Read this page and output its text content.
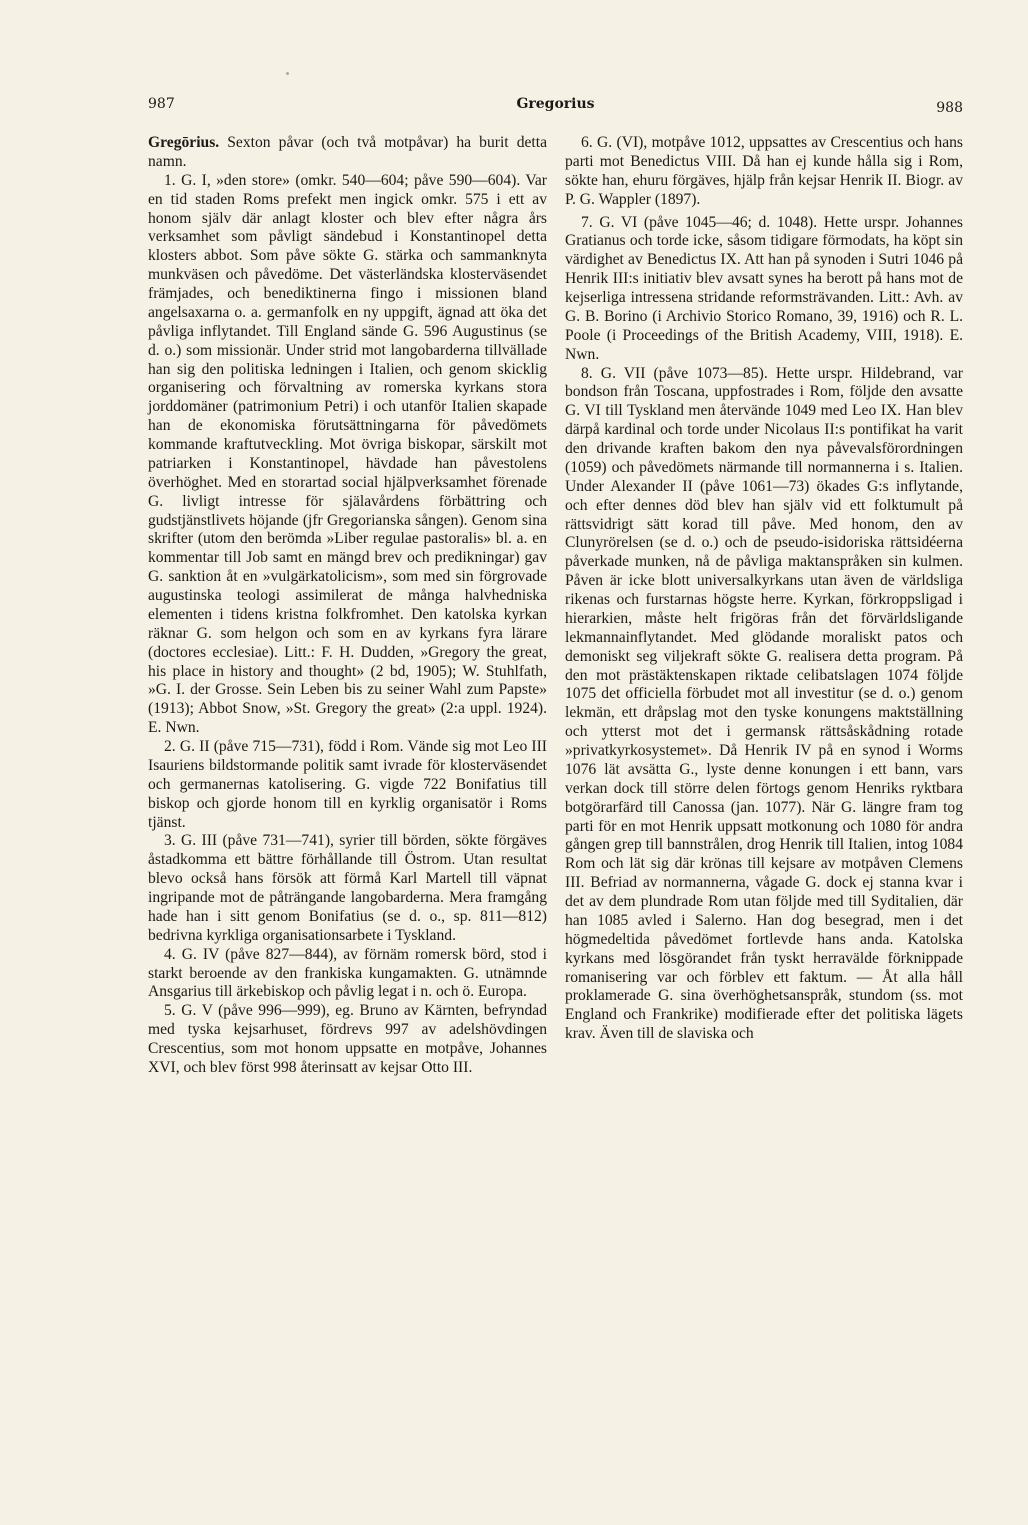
987	Gregorius	988

Gregōrius. Sexton påvar (och två motpåvar) ha burit detta namn.

1. G. I, »den store» (omkr. 540—604; påve 590—604). Var en tid staden Roms prefekt men ingick omkr. 575 i ett av honom själv där anlagt kloster och blev efter några års verksamhet som påvligt sändebud i Konstantinopel detta klosters abbot. Som påve sökte G. stärka och sammanknyta munkväsen och påvedöme. Det västerländska klosterväsendet främjades, och benediktinerna fingo i missionen bland angelsaxarna o. a. germanfolk en ny uppgift, ägnad att öka det påvliga inflytandet. Till England sände G. 596 Augustinus (se d. o.) som missionär. Under strid mot langobarderna tillvällade han sig den politiska ledningen i Italien, och genom skicklig organisering och förvaltning av romerska kyrkans stora jorddomäner (patrimonium Petri) i och utanför Italien skapade han de ekonomiska förutsättningarna för påvedömets kommande kraftutveckling. Mot övriga biskopar, särskilt mot patriarken i Konstantinopel, hävdade han påvestolens överhöghet. Med en storartad social hjälpverksamhet förenade G. livligt intresse för själavårdens förbättring och gudstjänstlivets höjande (jfr Gregorianska sången). Genom sina skrifter (utom den berömda »Liber regulae pastoralis» bl. a. en kommentar till Job samt en mängd brev och predikningar) gav G. sanktion åt en »vulgärkatolicism», som med sin förgrovade augustinska teologi assimilerat de många halvhedniska elementen i tidens kristna folkfromhet. Den katolska kyrkan räknar G. som helgon och som en av kyrkans fyra lärare (doctores ecclesiae). Litt.: F. H. Dudden, »Gregory the great, his place in history and thought» (2 bd, 1905); W. Stuhlfath, »G. I. der Grosse. Sein Leben bis zu seiner Wahl zum Papste» (1913); Abbot Snow, »St. Gregory the great» (2:a uppl. 1924). E. Nwn.

2. G. II (påve 715—731), född i Rom. Vände sig mot Leo III Isauriens bildstormande politik samt ivrade för klosterväsendet och germanernas katolisering. G. vigde 722 Bonifatius till biskop och gjorde honom till en kyrklig organisatör i Roms tjänst.

3. G. III (påve 731—741), syrier till börden, sökte förgäves åstadkomma ett bättre förhållande till Östrom. Utan resultat blevo också hans försök att förmå Karl Martell till väpnat ingripande mot de påträngande langobarderna. Mera framgång hade han i sitt genom Bonifatius (se d. o., sp. 811—812) bedrivna kyrkliga organisationsarbete i Tyskland.

4. G. IV (påve 827—844), av förnäm romersk börd, stod i starkt beroende av den frankiska kungamakten. G. utnämnde Ansgarius till ärkebiskop och påvlig legat i n. och ö. Europa.

5. G. V (påve 996—999), eg. Bruno av Kärnten, befryndad med tyska kejsarhuset, fördrevs 997 av adelshövdingen Crescentius, som mot honom uppsatte en motpåve, Johannes XVI, och blev först 998 återinsatt av kejsar Otto III.

6. G. (VI), motpåve 1012, uppsattes av Crescentius och hans parti mot Benedictus VIII. Då han ej kunde hålla sig i Rom, sökte han, ehuru förgäves, hjälp från kejsar Henrik II. Biogr. av P. G. Wappler (1897).

7. G. VI (påve 1045—46; d. 1048). Hette urspr. Johannes Gratianus och torde icke, såsom tidigare förmodats, ha köpt sin värdighet av Benedictus IX. Att han på synoden i Sutri 1046 på Henrik III:s initiativ blev avsatt synes ha berott på hans mot de kejserliga intressena stridande reformsträvanden. Litt.: Avh. av G. B. Borino (i Archivio Storico Romano, 39, 1916) och R. L. Poole (i Proceedings of the British Academy, VIII, 1918). E. Nwn.

8. G. VII (påve 1073—85). Hette urspr. Hildebrand, var bondson från Toscana, uppfostrades i Rom, följde den avsatte G. VI till Tyskland men återvände 1049 med Leo IX. Han blev därpå kardinal och torde under Nicolaus II:s pontifikat ha varit den drivande kraften bakom den nya påvevalsförordningen (1059) och påvedömets närmande till normannerna i s. Italien. Under Alexander II (påve 1061—73) ökades G:s inflytande, och efter dennes död blev han själv vid ett folktumult på rättsvidrigt sätt korad till påve. Med honom, den av Clunyrörelsen (se d. o.) och de pseudo-isidoriska rättsidéerna påverkade munken, nå de påvliga maktanspråken sin kulmen. Påven är icke blott universalkyrkans utan även de världsliga rikenas och furstarnas högste herre. Kyrkan, förkroppsligad i hierarkien, måste helt frigöras från det förvärldsligande lekmannainflytandet. Med glödande moraliskt patos och demoniskt seg viljekraft sökte G. realisera detta program. På den mot prästäktenskapen riktade celibatslagen 1074 följde 1075 det officiella förbudet mot all investitur (se d. o.) genom lekmän, ett dråpslag mot den tyske konungens maktställning och ytterst mot det i germansk rättsåskådning rotade »privatkyrkosystemet». Då Henrik IV på en synod i Worms 1076 lät avsätta G., lyste denne konungen i ett bann, vars verkan dock till större delen förtogs genom Henriks ryktbara botgörarfärd till Canossa (jan. 1077). När G. längre fram tog parti för en mot Henrik uppsatt motkonung och 1080 för andra gången grep till bannstrålen, drog Henrik till Italien, intog 1084 Rom och lät sig där krönas till kejsare av motpåven Clemens III. Befriad av normannerna, vågade G. dock ej stanna kvar i det av dem plundrade Rom utan följde med till Syditalien, där han 1085 avled i Salerno. Han dog besegrad, men i det högmedeltida påvedömet fortlevde hans anda. Katolska kyrkans med lösgörandet från tyskt herravälde förknippade romanisering var och förblev ett faktum. — Åt alla håll proklamerade G. sina överhöghetsanspråk, stundom (ss. mot England och Frankrike) modifierade efter det politiska lägets krav. Även till de slaviska och
